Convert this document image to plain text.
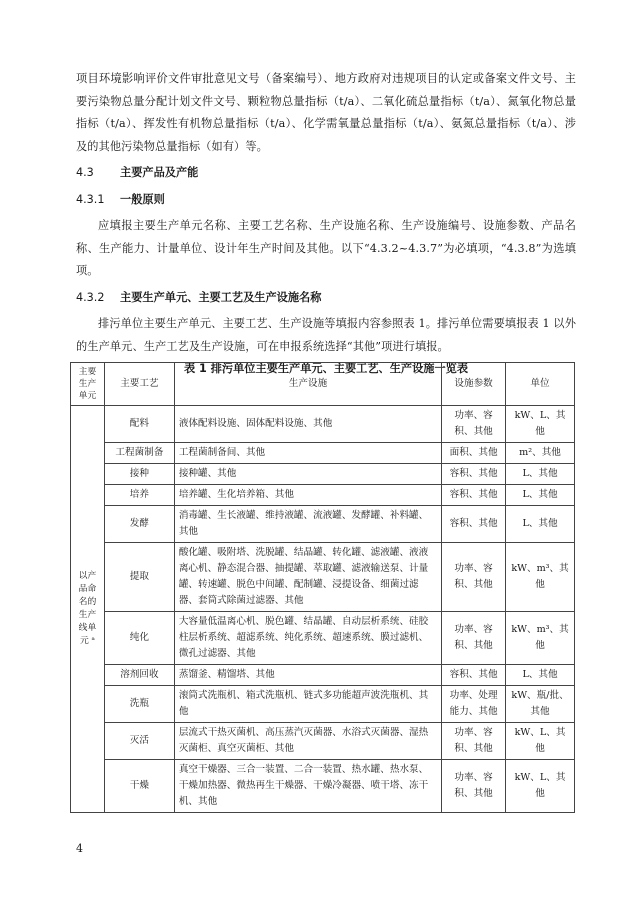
项目环境影响评价文件审批意见文号（备案编号）、地方政府对违规项目的认定或备案文件文号、主要污染物总量分配计划文件文号、颗粒物总量指标（t/a）、二氧化硫总量指标（t/a）、氮氧化物总量指标（t/a）、挥发性有机物总量指标（t/a）、化学需氧量总量指标（t/a）、氨氮总量指标（t/a）、涉及的其他污染物总量指标（如有）等。

4.3	主要产品及产能
4.3.1	一般原则

应填报主要生产单元名称、主要工艺名称、生产设施名称、生产设施编号、设施参数、产品名称、生产能力、计量单位、设计年生产时间及其他。以下“4.3.2~4.3.7”为必填项，“4.3.8”为选填项。

4.3.2	主要生产单元、主要工艺及生产设施名称

排污单位主要生产单元、主要工艺、生产设施等填报内容参照表 1。排污单位需要填报表 1 以外的生产单元、生产工艺及生产设施，可在申报系统选择“其他”项进行填报。

表 1 排污单位主要生产单元、主要工艺、生产设施一览表
主要生产单元	主要工艺	生产设施	设施参数	单位
以产品命名的生产线单元 ᵃ	配料	液体配料设施、固体配料设施、其他	功率、容积、其他	kW、L、其他
	工程菌制备	工程菌制备间、其他	面积、其他	m²、其他
	接种	接种罐、其他	容积、其他	L、其他
	培养	培养罐、生化培养箱、其他	容积、其他	L、其他
	发酵	消毒罐、生长液罐、维持液罐、流液罐、发酵罐、补料罐、其他	容积、其他	L、其他
	提取	酸化罐、吸附塔、洗脱罐、结晶罐、转化罐、滤液罐、液液离心机、静态混合器、抽提罐、萃取罐、滤液输送泵、计量罐、转速罐、脱色中间罐、配制罐、浸提设备、细菌过滤器、套筒式除菌过滤器、其他	功率、容积、其他	kW、m³、其他
	纯化	大容量低温离心机、脱色罐、结晶罐、自动层析系统、硅胶柱层析系统、超滤系统、纯化系统、超速系统、膜过滤机、微孔过滤器、其他	功率、容积、其他	kW、m³、其他
	溶剂回收	蒸馏釜、精馏塔、其他	容积、其他	L、其他
	洗瓶	滚筒式洗瓶机、箱式洗瓶机、链式多功能超声波洗瓶机、其他	功率、处理能力、其他	kW、瓶/批、其他
	灭活	层流式干热灭菌机、高压蒸汽灭菌器、水浴式灭菌器、湿热灭菌柜、真空灭菌柜、其他	功率、容积、其他	kW、L、其他
	干燥	真空干燥器、三合一装置、二合一装置、热水罐、热水泵、干燥加热器、微热再生干燥器、干燥冷凝器、喷干塔、冻干机、其他	功率、容积、其他	kW、L、其他
4
